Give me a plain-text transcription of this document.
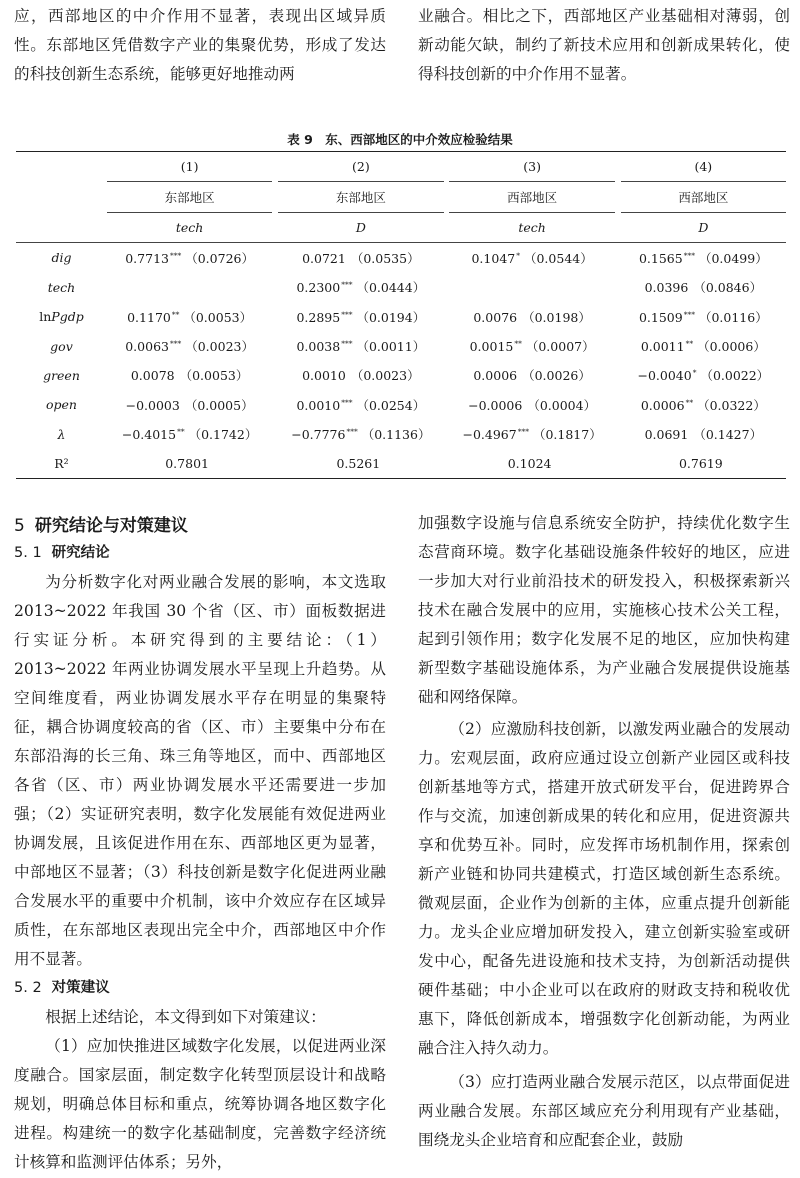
应，西部地区的中介作用不显著，表现出区域异质性。东部地区凭借数字产业的集聚优势，形成了发达的科技创新生态系统，能够更好地推动两

业融合。相比之下，西部地区产业基础相对薄弱，创新动能欠缺，制约了新技术应用和创新成果转化，使得科技创新的中介作用不显著。

表 9　东、西部地区的中介效应检验结果
	(1)		(2)		(3)		(4)
	东部地区		东部地区		西部地区		西部地区
	tech		D		tech		D
dig	0.7713*** （0.0726）		0.0721 （0.0535）		0.1047* （0.0544）		0.1565*** （0.0499）
tech			0.2300*** （0.0444）				0.0396 （0.0846）
lnPgdp	0.1170** （0.0053）		0.2895*** （0.0194）		0.0076 （0.0198）		0.1509*** （0.0116）
gov	0.0063*** （0.0023）		0.0038*** （0.0011）		0.0015** （0.0007）		0.0011** （0.0006）
green	0.0078 （0.0053）		0.0010 （0.0023）		0.0006 （0.0026）		−0.0040* （0.0022）
open	−0.0003 （0.0005）		0.0010*** （0.0254）		−0.0006 （0.0004）		0.0006** （0.0322）
λ	−0.4015** （0.1742）		−0.7776*** （0.1136）		−0.4967*** （0.1817）		0.0691 （0.1427）
R²	0.7801		0.5261		0.1024		0.7619
5 研究结论与对策建议
5. 1 研究结论

为分析数字化对两业融合发展的影响，本文选取 2013~2022 年我国 30 个省（区、市）面板数据进行实证分析。本研究得到的主要结论：（1）2013~2022 年两业协调发展水平呈现上升趋势。从空间维度看，两业协调发展水平存在明显的集聚特征，耦合协调度较高的省（区、市）主要集中分布在东部沿海的长三角、珠三角等地区，而中、西部地区各省（区、市）两业协调发展水平还需要进一步加强；（2）实证研究表明，数字化发展能有效促进两业协调发展，且该促进作用在东、西部地区更为显著，中部地区不显著；（3）科技创新是数字化促进两业融合发展水平的重要中介机制，该中介效应存在区域异质性，在东部地区表现出完全中介，西部地区中介作用不显著。

5. 2 对策建议

根据上述结论，本文得到如下对策建议：

（1）应加快推进区域数字化发展，以促进两业深度融合。国家层面，制定数字化转型顶层设计和战略规划，明确总体目标和重点，统筹协调各地区数字化进程。构建统一的数字化基础制度，完善数字经济统计核算和监测评估体系；另外，

加强数字设施与信息系统安全防护，持续优化数字生态营商环境。数字化基础设施条件较好的地区，应进一步加大对行业前沿技术的研发投入，积极探索新兴技术在融合发展中的应用，实施核心技术公关工程，起到引领作用；数字化发展不足的地区，应加快构建新型数字基础设施体系，为产业融合发展提供设施基础和网络保障。

（2）应激励科技创新，以激发两业融合的发展动力。宏观层面，政府应通过设立创新产业园区或科技创新基地等方式，搭建开放式研发平台，促进跨界合作与交流，加速创新成果的转化和应用，促进资源共享和优势互补。同时，应发挥市场机制作用，探索创新产业链和协同共建模式，打造区域创新生态系统。微观层面，企业作为创新的主体，应重点提升创新能力。龙头企业应增加研发投入，建立创新实验室或研发中心，配备先进设施和技术支持，为创新活动提供硬件基础；中小企业可以在政府的财政支持和税收优惠下，降低创新成本，增强数字化创新动能，为两业融合注入持久动力。

（3）应打造两业融合发展示范区，以点带面促进两业融合发展。东部区域应充分利用现有产业基础，围绕龙头企业培育和应配套企业，鼓励
